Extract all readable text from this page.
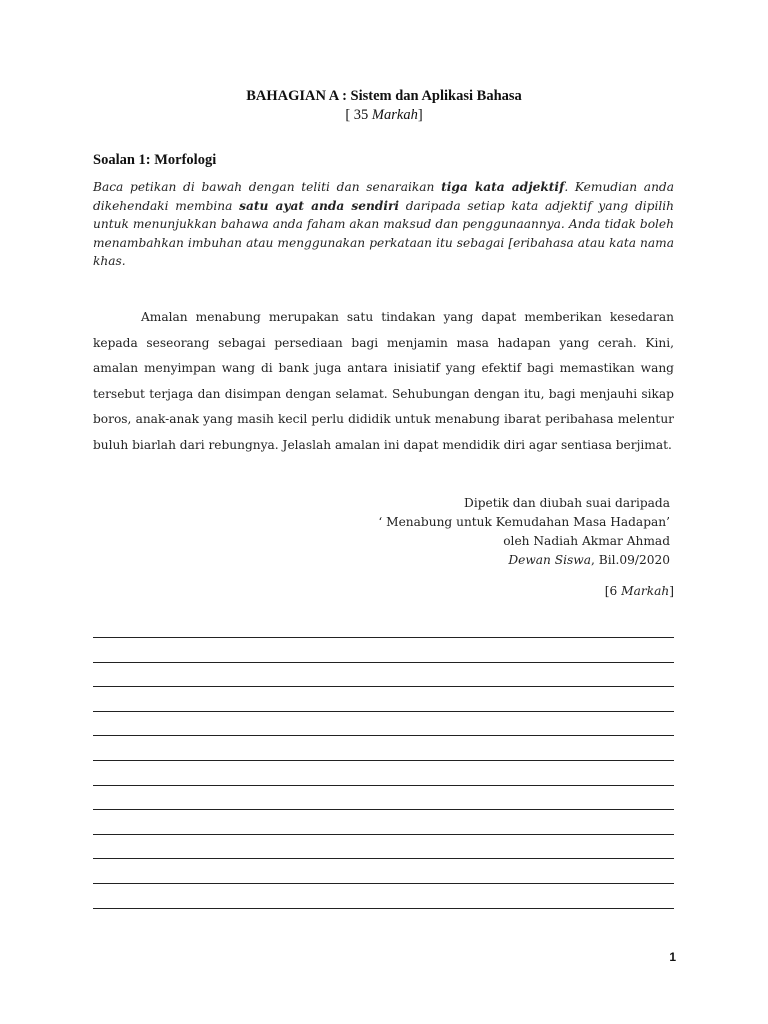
BAHAGIAN A : Sistem dan Aplikasi Bahasa
[ 35 Markah]
Soalan 1: Morfologi
Baca petikan di bawah dengan teliti dan senaraikan tiga kata adjektif. Kemudian anda dikehendaki membina satu ayat anda sendiri daripada setiap kata adjektif yang dipilih untuk menunjukkan bahawa anda faham akan maksud dan penggunaannya. Anda tidak boleh menambahkan imbuhan atau menggunakan perkataan itu sebagai [eribahasa atau kata nama khas.
Amalan menabung merupakan satu tindakan yang dapat memberikan kesedaran kepada seseorang sebagai persediaan bagi menjamin masa hadapan yang cerah. Kini, amalan menyimpan wang di bank juga antara inisiatif yang efektif bagi memastikan wang tersebut terjaga dan disimpan dengan selamat. Sehubungan dengan itu, bagi menjauhi sikap boros, anak-anak yang masih kecil perlu dididik untuk menabung ibarat peribahasa melentur buluh biarlah dari rebungnya. Jelaslah amalan ini dapat mendidik diri agar sentiasa berjimat.
Dipetik dan diubah suai daripada
‘ Menabung untuk Kemudahan Masa Hadapan’
oleh Nadiah Akmar Ahmad
Dewan Siswa, Bil.09/2020
[6 Markah]
1
